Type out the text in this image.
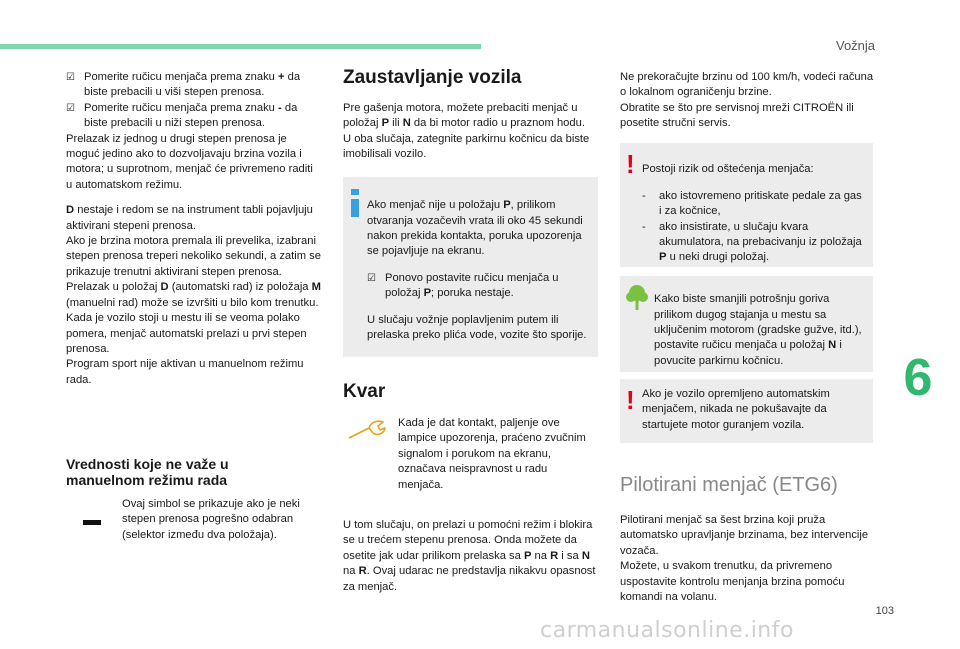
Vožnja
6
103
carmanualsonline.info
☑ Pomerite ručicu menjača prema znaku + da biste prebacili u viši stepen prenosa.
☑ Pomerite ručicu menjača prema znaku - da biste prebacili u niži stepen prenosa.

Prelazak iz jednog u drugi stepen prenosa je moguć jedino ako to dozvoljavaju brzina vozila i motora; u suprotnom, menjač će privremeno raditi u automatskom režimu.

D nestaje i redom se na instrument tabli pojavljuju aktivirani stepeni prenosa.

Ako je brzina motora premala ili prevelika, izabrani stepen prenosa treperi nekoliko sekundi, a zatim se prikazuje trenutni aktivirani stepen prenosa.

Prelazak u položaj D (automatski rad) iz položaja M (manuelni rad) može se izvršiti u bilo kom trenutku.

Kada je vozilo stoji u mestu ili se veoma polako pomera, menjač automatski prelazi u prvi stepen prenosa.

Program sport nije aktivan u manuelnom režimu rada.

Vrednosti koje ne važe u
manuelnom režimu rada
Ovaj simbol se prikazuje ako je neki stepen prenosa pogrešno odabran (selektor između dva položaja).
Zaustavljanje vozila

Pre gašenja motora, možete prebaciti menjač u položaj P ili N da bi motor radio u praznom hodu.

U oba slučaja, zategnite parkirnu kočnicu da biste imobilisali vozilo.

Ako menjač nije u položaju P, prilikom otvaranja vozačevih vrata ili oko 45 sekundi nakon prekida kontakta, poruka upozorenja se pojavljuje na ekranu.

☑ Ponovo postavite ručicu menjača u položaj P; poruka nestaje.

U slučaju vožnje poplavljenim putem ili prelaska preko plića vode, vozite što sporije.

Kvar
Kada je dat kontakt, paljenje ove lampice upozorenja, praćeno zvučnim signalom i porukom na ekranu, označava neispravnost u radu menjača.

U tom slučaju, on prelazi u pomoćni režim i blokira se u trećem stepenu prenosa. Onda možete da osetite jak udar prilikom prelaska sa P na R i sa N na R. Ovaj udarac ne predstavlja nikakvu opasnost za menjač.

Ne prekoračujte brzinu od 100 km/h, vodeći računa o lokalnom ograničenju brzine.

Obratite se što pre servisnoj mreži CITROËN ili posetite stručni servis.

! Postoji rizik od oštećenja menjača:

-	ako istovremeno pritiskate pedale za gas i za kočnice,
-	ako insistirate, u slučaju kvara akumulatora, na prebacivanju iz položaja P u neki drugi položaj.

Kako biste smanjili potrošnju goriva prilikom dugog stajanja u mestu sa uključenim motorom (gradske gužve, itd.), postavite ručicu menjača u položaj N i povucite parkirnu kočnicu.

! Ako je vozilo opremljeno automatskim menjačem, nikada ne pokušavajte da startujete motor guranjem vozila.
Pilotirani menjač (ETG6)

Pilotirani menjač sa šest brzina koji pruža automatsko upravljanje brzinama, bez intervencije vozača.

Možete, u svakom trenutku, da privremeno uspostavite kontrolu menjanja brzina pomoću komandi na volanu.
